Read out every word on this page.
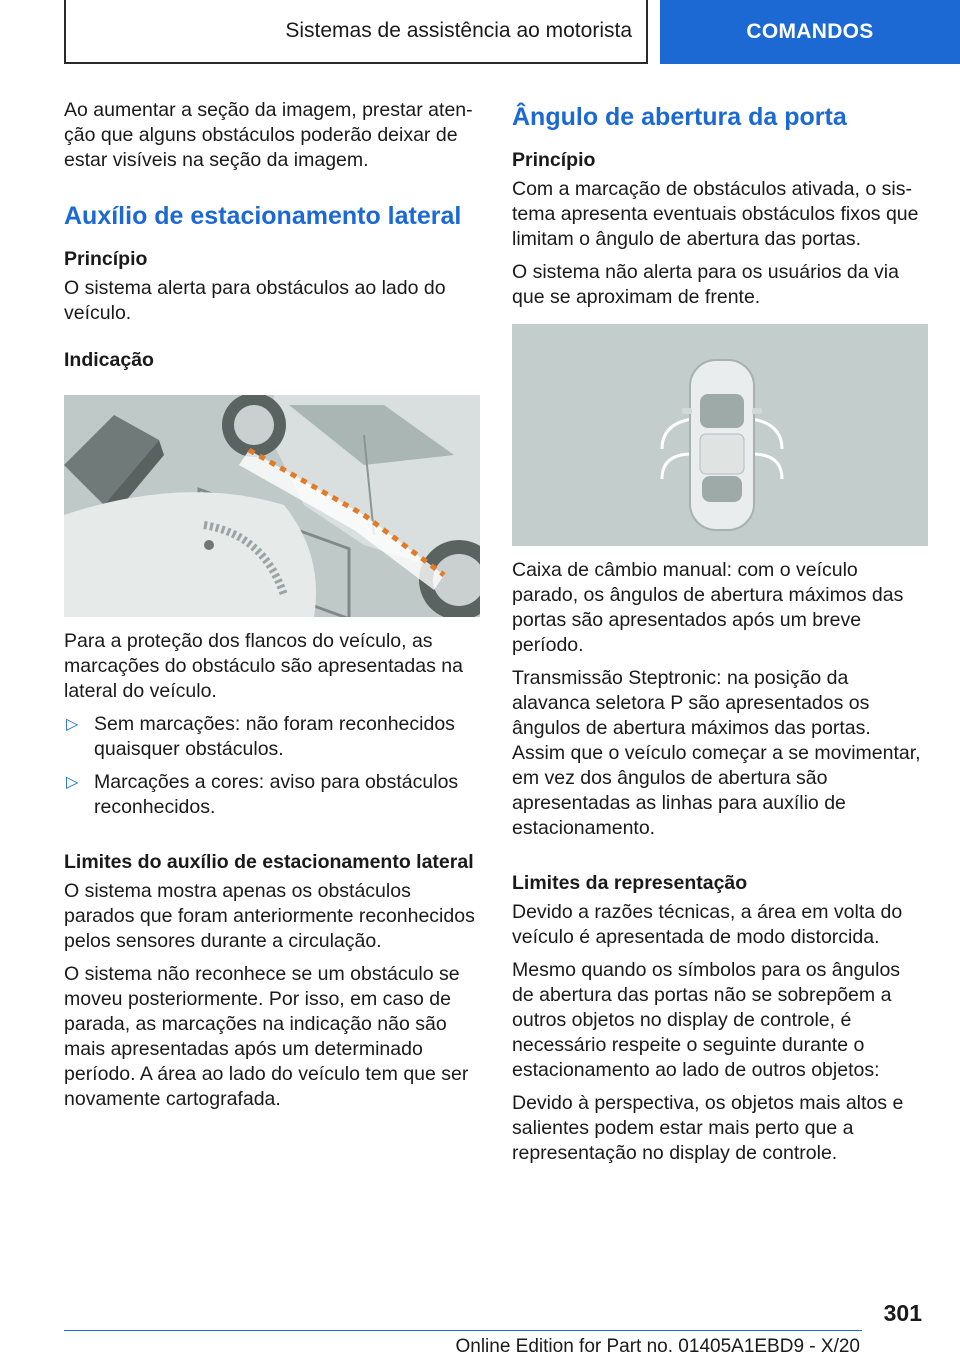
Sistemas de assistência ao motorista	COMANDOS

Ao aumentar a seção da imagem, prestar atenção que alguns obstáculos poderão deixar de estar visíveis na seção da imagem.

Auxílio de estacionamento lateral
Princípio

O sistema alerta para obstáculos ao lado do veículo.

Indicação

Para a proteção dos flancos do veículo, as marcações do obstáculo são apresentadas na lateral do veículo.

▷ Sem marcações: não foram reconhecidos quaisquer obstáculos.
▷ Marcações a cores: aviso para obstáculos reconhecidos.
Limites do auxílio de estacionamento lateral

O sistema mostra apenas os obstáculos parados que foram anteriormente reconhecidos pelos sensores durante a circulação.

O sistema não reconhece se um obstáculo se moveu posteriormente. Por isso, em caso de parada, as marcações na indicação não são mais apresentadas após um determinado período. A área ao lado do veículo tem que ser novamente cartografada.

Ângulo de abertura da porta
Princípio

Com a marcação de obstáculos ativada, o sistema apresenta eventuais obstáculos fixos que limitam o ângulo de abertura das portas.

O sistema não alerta para os usuários da via que se aproximam de frente.

Caixa de câmbio manual: com o veículo parado, os ângulos de abertura máximos das portas são apresentados após um breve período.

Transmissão Steptronic: na posição da alavanca seletora P são apresentados os ângulos de abertura máximos das portas. Assim que o veículo começar a se movimentar, em vez dos ângulos de abertura são apresentadas as linhas para auxílio de estacionamento.

Limites da representação

Devido a razões técnicas, a área em volta do veículo é apresentada de modo distorcida.

Mesmo quando os símbolos para os ângulos de abertura das portas não se sobrepõem a outros objetos no display de controle, é necessário respeite o seguinte durante o estacionamento ao lado de outros objetos:

Devido à perspectiva, os objetos mais altos e salientes podem estar mais perto que a representação no display de controle.

301
Online Edition for Part no. 01405A1EBD9 - X/20
